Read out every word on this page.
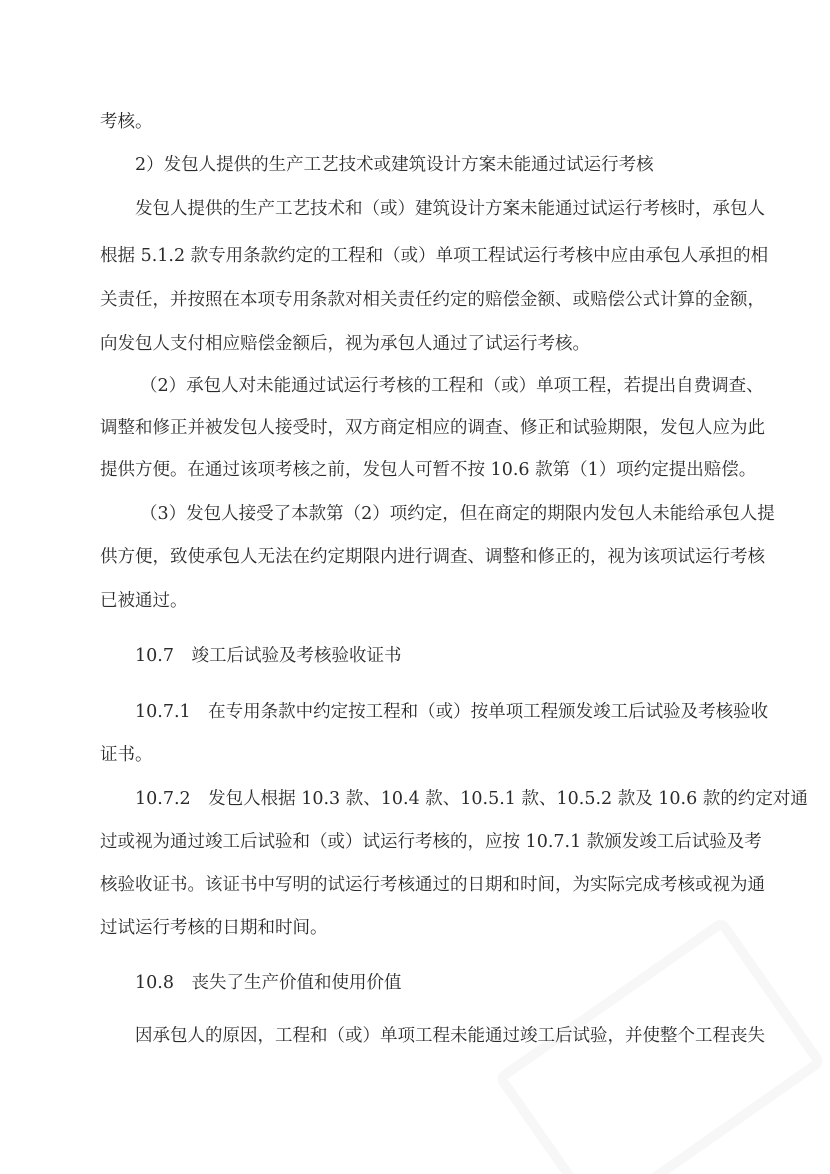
考核。
2）发包人提供的生产工艺技术或建筑设计方案未能通过试运行考核
发包人提供的生产工艺技术和（或）建筑设计方案未能通过试运行考核时，承包人
根据 5.1.2 款专用条款约定的工程和（或）单项工程试运行考核中应由承包人承担的相
关责任，并按照在本项专用条款对相关责任约定的赔偿金额、或赔偿公式计算的金额，
向发包人支付相应赔偿金额后，视为承包人通过了试运行考核。
（2）承包人对未能通过试运行考核的工程和（或）单项工程，若提出自费调查、
调整和修正并被发包人接受时，双方商定相应的调查、修正和试验期限，发包人应为此
提供方便。在通过该项考核之前，发包人可暂不按 10.6 款第（1）项约定提出赔偿。
（3）发包人接受了本款第（2）项约定，但在商定的期限内发包人未能给承包人提
供方便，致使承包人无法在约定期限内进行调查、调整和修正的，视为该项试运行考核
已被通过。
10.7　竣工后试验及考核验收证书
10.7.1　在专用条款中约定按工程和（或）按单项工程颁发竣工后试验及考核验收
证书。
10.7.2　发包人根据 10.3 款、10.4 款、10.5.1 款、10.5.2 款及 10.6 款的约定对通
过或视为通过竣工后试验和（或）试运行考核的，应按 10.7.1 款颁发竣工后试验及考
核验收证书。该证书中写明的试运行考核通过的日期和时间，为实际完成考核或视为通
过试运行考核的日期和时间。
10.8　丧失了生产价值和使用价值
因承包人的原因，工程和（或）单项工程未能通过竣工后试验，并使整个工程丧失
